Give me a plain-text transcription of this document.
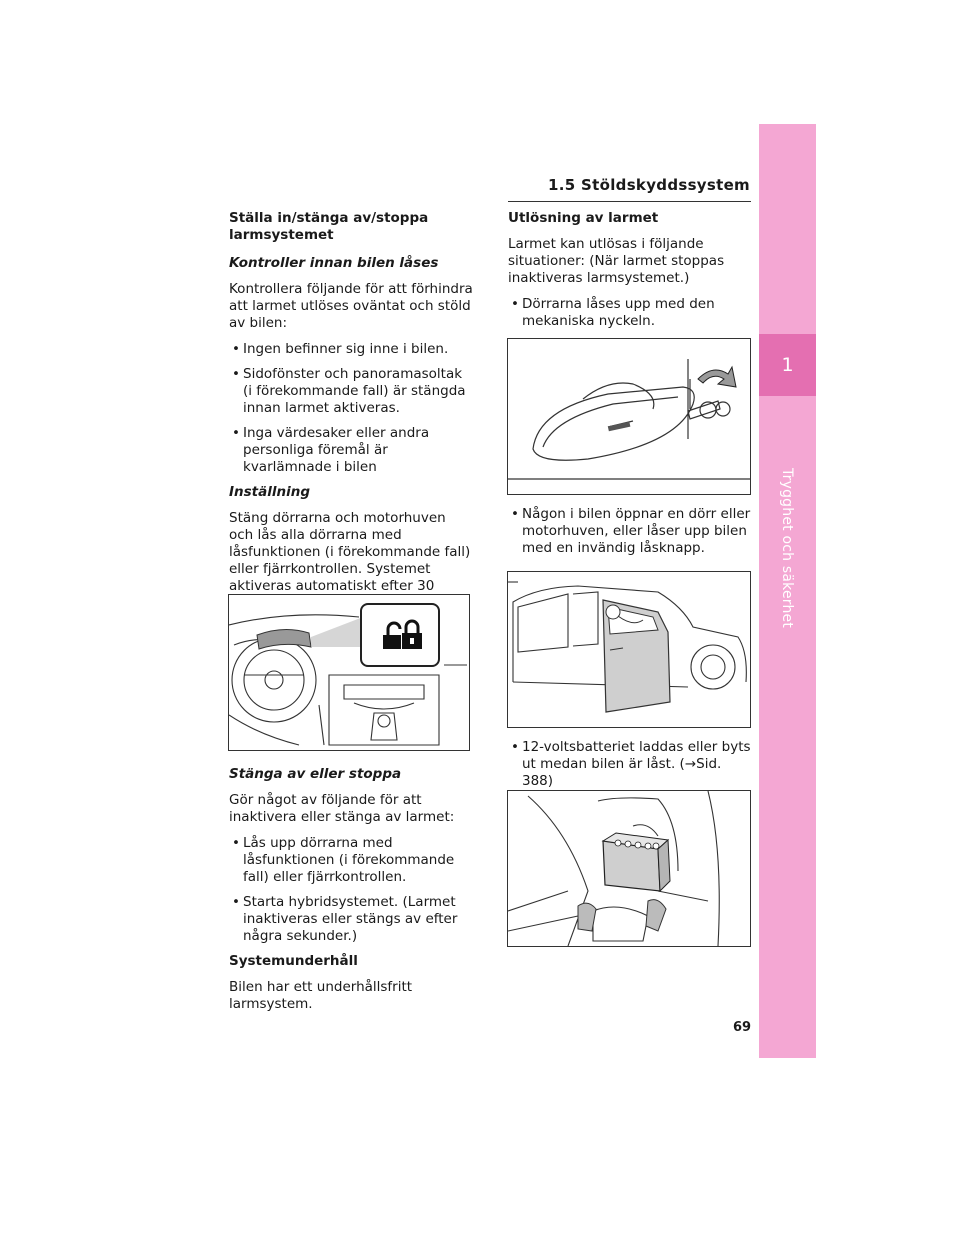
1
Trygghet och säkerhet
1.5 Stöldskyddssystem

Ställa in/stänga av/stoppa larmsystemet

Kontroller innan bilen låses

Kontrollera följande för att förhindra att larmet utlöses oväntat och stöld av bilen:

• Ingen befinner sig inne i bilen.
• Sidofönster och panoramasoltak (i förekommande fall) är stängda innan larmet aktiveras.
• Inga värdesaker eller andra personliga föremål är kvarlämnade i bilen

Inställning

Stäng dörrarna och motorhuven och lås alla dörrarna med låsfunktionen (i förekommande fall) eller fjärrkontrollen. Systemet aktiveras automatiskt efter 30

Stänga av eller stoppa

Gör något av följande för att inaktivera eller stänga av larmet:

• Lås upp dörrarna med låsfunktionen (i förekommande fall) eller fjärrkontrollen.
• Starta hybridsystemet. (Larmet inaktiveras eller stängs av efter några sekunder.)

Systemunderhåll

Bilen har ett underhållsfritt larmsystem.

Utlösning av larmet

Larmet kan utlösas i följande situationer: (När larmet stoppas inaktiveras larmsystemet.)

• Dörrarna låses upp med den mekaniska nyckeln.
• Någon i bilen öppnar en dörr eller motorhuven, eller låser upp bilen med en invändig låsknapp.
• 12-voltsbatteriet laddas eller byts ut medan bilen är låst. (→Sid. 388)
69
